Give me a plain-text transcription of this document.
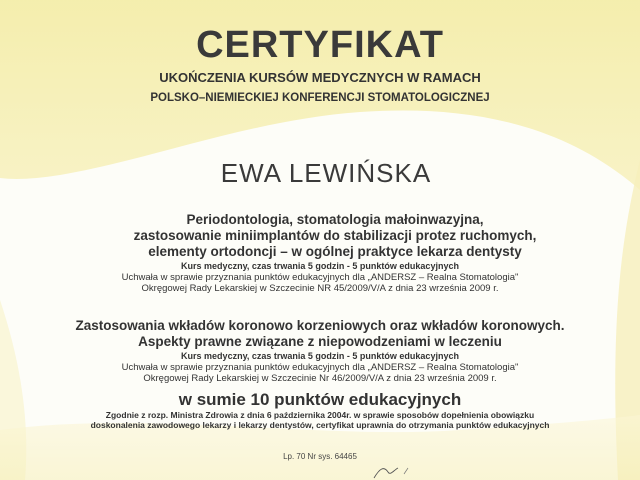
CERTYFIKAT
UKOŃCZENIA KURSÓW MEDYCZNYCH W RAMACH
POLSKO–NIEMIECKIEJ KONFERENCJI STOMATOLOGICZNEJ
EWA LEWIŃSKA
Periodontologia, stomatologia małoinwazyjna,
zastosowanie miniimplantów do stabilizacji protez ruchomych,
elementy ortodoncji – w ogólnej praktyce lekarza dentysty
Kurs medyczny, czas trwania 5 godzin - 5 punktów edukacyjnych
Uchwała w sprawie przyznania punktów edukacyjnych dla „ANDERSZ – Realna Stomatologia"
Okręgowej Rady Lekarskiej w Szczecinie NR 45/2009/V/A z dnia 23 września 2009 r.
Zastosowania wkładów koronowo korzeniowych oraz wkładów koronowych.
Aspekty prawne związane z niepowodzeniami w leczeniu
Kurs medyczny, czas trwania 5 godzin - 5 punktów edukacyjnych
Uchwała w sprawie przyznania punktów edukacyjnych dla „ANDERSZ – Realna Stomatologia"
Okręgowej Rady Lekarskiej w Szczecinie Nr 46/2009/V/A z dnia 23 września 2009 r.
w sumie 10 punktów edukacyjnych
Zgodnie z rozp. Ministra Zdrowia z dnia 6 października 2004r. w sprawie sposobów dopełnienia obowiązku
doskonalenia zawodowego lekarzy i lekarzy dentystów, certyfikat uprawnia do otrzymania punktów edukacyjnych
Lp. 70 Nr sys. 64465
